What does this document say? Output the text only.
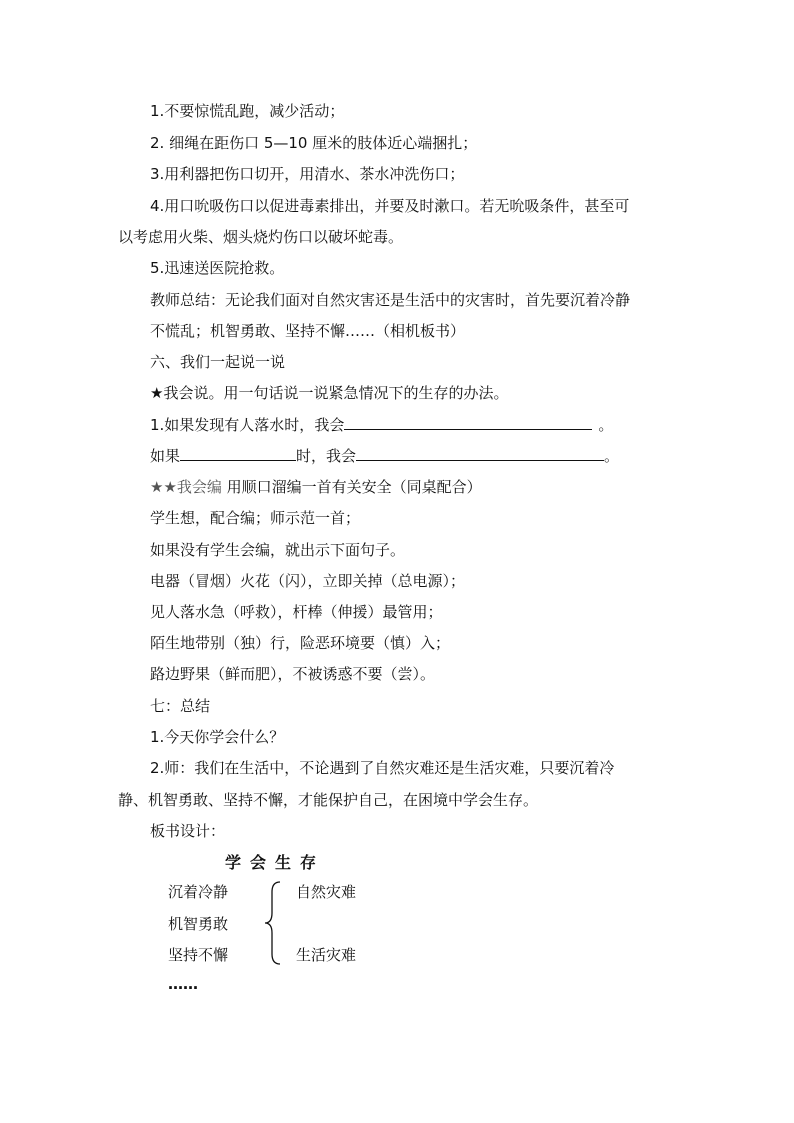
1.不要惊慌乱跑，减少活动；
2. 细绳在距伤口 5—10 厘米的肢体近心端捆扎；
3.用利器把伤口切开，用清水、茶水冲洗伤口；
4.用口吮吸伤口以促进毒素排出，并要及时漱口。若无吮吸条件，甚至可
以考虑用火柴、烟头烧灼伤口以破坏蛇毒。
5.迅速送医院抢救。
教师总结：无论我们面对自然灾害还是生活中的灾害时，首先要沉着冷静
不慌乱；机智勇敢、坚持不懈……（相机板书）
六、我们一起说一说
★我会说。用一句话说一说紧急情况下的生存的办法。
1.如果发现有人落水时，我会	。
如果	时，我会	。
★★我会编 用顺口溜编一首有关安全（同桌配合）
学生想，配合编；师示范一首；
如果没有学生会编，就出示下面句子。
电器（冒烟）火花（闪），立即关掉（总电源）；
见人落水急（呼救），杆棒（伸援）最管用；
陌生地带别（独）行，险恶环境要（慎）入；
路边野果（鲜而肥），不被诱惑不要（尝）。
七：总结
1.今天你学会什么？
2.师：我们在生活中，不论遇到了自然灾难还是生活灾难，只要沉着冷
静、机智勇敢、坚持不懈，才能保护自己，在困境中学会生存。
板书设计：
学会生存
沉着冷静
机智勇敢
坚持不懈
……
自然灾难
生活灾难
